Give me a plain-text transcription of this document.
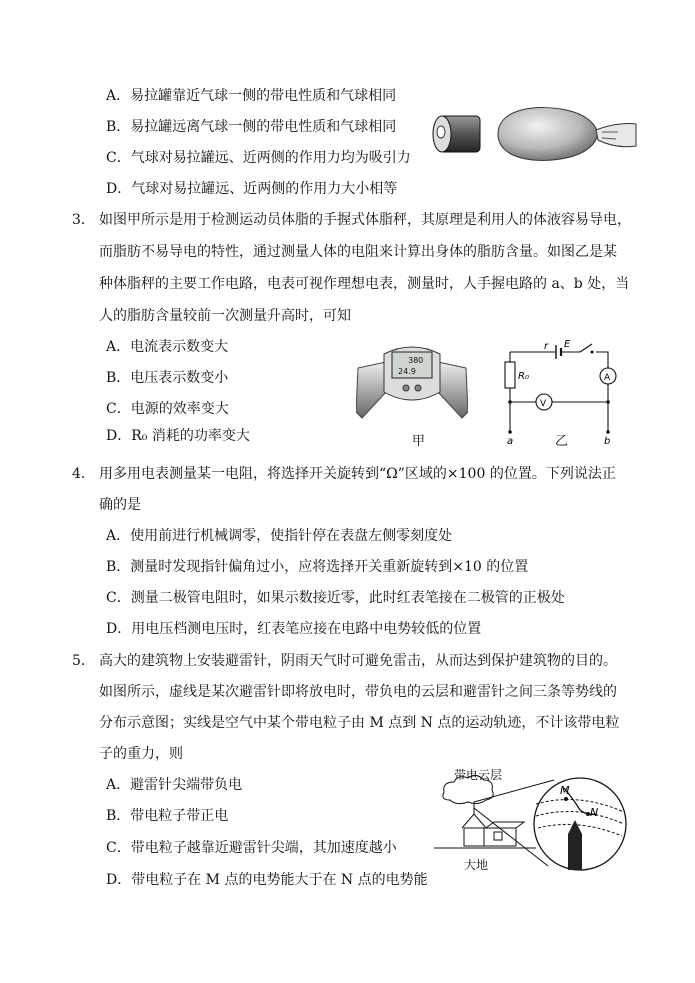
A．易拉罐靠近气球一侧的带电性质和气球相同
B．易拉罐远离气球一侧的带电性质和气球相同
C．气球对易拉罐远、近两侧的作用力均为吸引力
D．气球对易拉罐远、近两侧的作用力大小相等
3． 如图甲所示是用于检测运动员体脂的手握式体脂秤，其原理是利用人的体液容易导电，
而脂肪不易导电的特性，通过测量人体的电阻来计算出身体的脂肪含量。如图乙是某
种体脂秤的主要工作电路，电表可视作理想电表，测量时，人手握电路的 a、b 处，当
人的脂肪含量较前一次测量升高时，可知
A．电流表示数变大
B．电压表示数变小
C．电源的效率变大
D．R₀ 消耗的功率变大
380
24.9
甲
r E
R₀	A
V
a	b
乙
4． 用多用电表测量某一电阻，将选择开关旋转到“Ω”区域的×100 的位置。下列说法正
确的是
A．使用前进行机械调零，使指针停在表盘左侧零刻度处
B．测量时发现指针偏角过小，应将选择开关重新旋转到×10 的位置
C．测量二极管电阻时，如果示数接近零，此时红表笔接在二极管的正极处
D．用电压档测电压时，红表笔应接在电路中电势较低的位置
5． 高大的建筑物上安装避雷针，阴雨天气时可避免雷击，从而达到保护建筑物的目的。
如图所示，虚线是某次避雷针即将放电时，带负电的云层和避雷针之间三条等势线的
分布示意图；实线是空气中某个带电粒子由 M 点到 N 点的运动轨迹，不计该带电粒
子的重力，则
A．避雷针尖端带负电
B．带电粒子带正电
C．带电粒子越靠近避雷针尖端，其加速度越小
D．带电粒子在 M 点的电势能大于在 N 点的电势能
M
N
带电云层
大地
